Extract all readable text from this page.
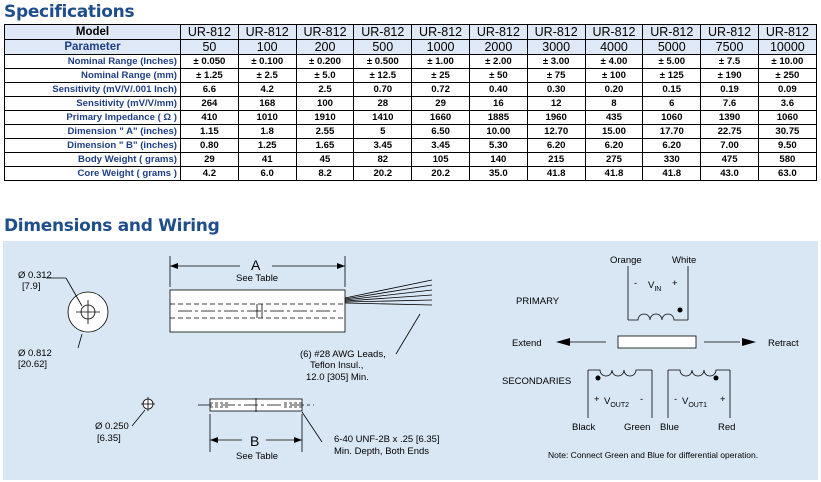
Specifications
Model	UR-812	UR-812	UR-812	UR-812	UR-812	UR-812	UR-812	UR-812	UR-812	UR-812	UR-812
Parameter	50	100	200	500	1000	2000	3000	4000	5000	7500	10000
Nominal Range (Inches)	± 0.050	± 0.100	± 0.200	± 0.500	± 1.00	± 2.00	± 3.00	± 4.00	± 5.00	± 7.5	± 10.00
Nominal Range (mm)	± 1.25	± 2.5	± 5.0	± 12.5	± 25	± 50	± 75	± 100	± 125	± 190	± 250
Sensitivity (mV/V/.001 Inch)	6.6	4.2	2.5	0.70	0.72	0.40	0.30	0.20	0.15	0.19	0.09
Sensitivity (mV/V/mm)	264	168	100	28	29	16	12	8	6	7.6	3.6
Primary Impedance ( Ω )	410	1010	1910	1410	1660	1885	1960	435	1060	1390	1060
Dimension " A" (inches)	1.15	1.8	2.55	5	6.50	10.00	12.70	15.00	17.70	22.75	30.75
Dimension " B" (inches)	0.80	1.25	1.65	3.45	3.45	5.30	6.20	6.20	6.20	7.00	9.50
Body Weight ( grams)	29	41	45	82	105	140	215	275	330	475	580
Core Weight ( grams )	4.2	6.0	8.2	20.2	20.2	35.0	41.8	41.8	41.8	43.0	63.0
Dimensions and Wiring
Ø 0.312
[7.9]
Ø 0.812
[20.62]
A
See Table
(6) #28 AWG Leads,
Teflon Insul.,
12.0 [305] Min.
Ø 0.250
[6.35]	B
See Table
6-40 UNF-2B x .25 [6.35]
Min. Depth, Both Ends
Orange	White
- $V_{IN}$
+
PRIMARY
Extend	Retract
SECONDARIES
+ $V_{OUT2}$
-	- $V_{OUT1}$
+
Black	Green Blue	Red
Note: Connect Green and Blue for differential operation.
